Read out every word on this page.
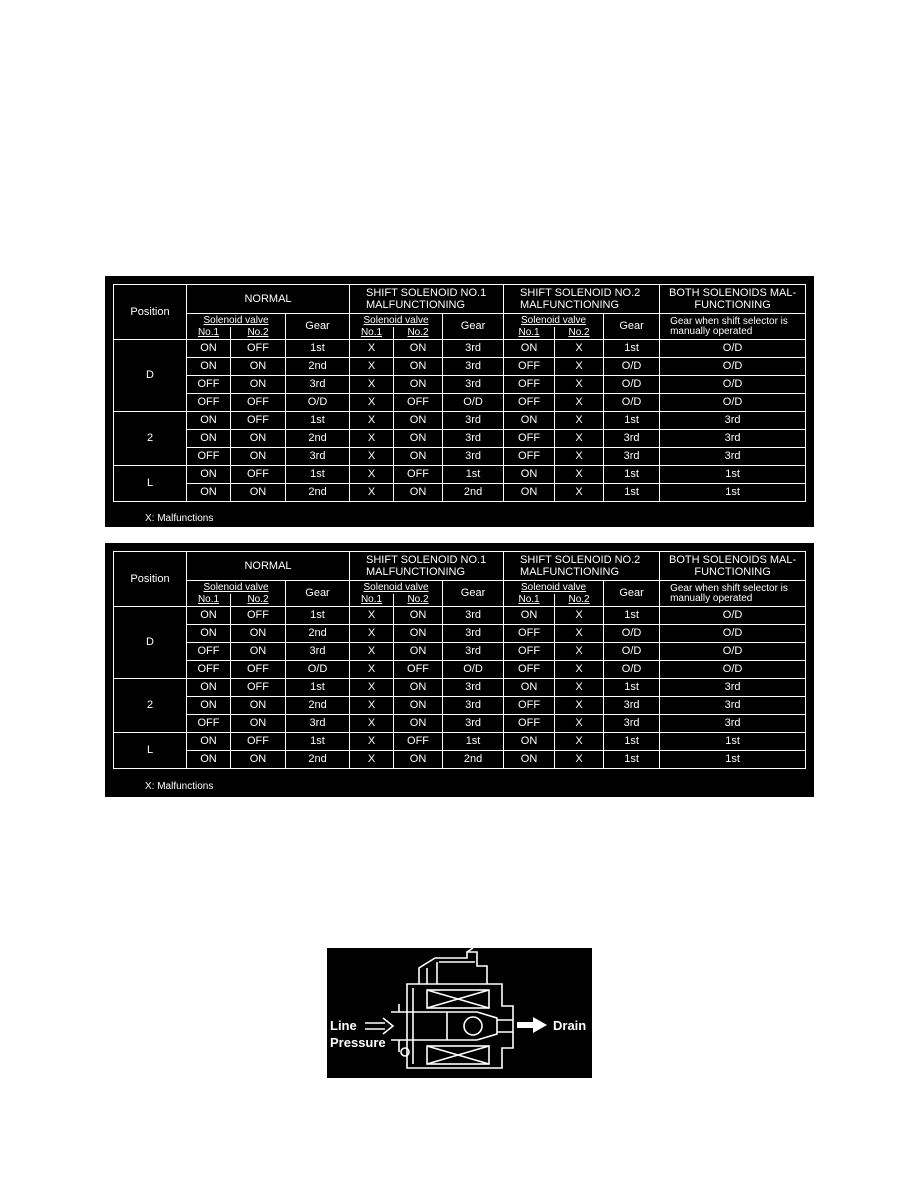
Position	NORMAL			SHIFT SOLENOID NO.1 MALFUNCTIONING			SHIFT SOLENOID NO.2 MALFUNCTIONING			BOTH SOLENOIDS MAL-FUNCTIONING
	Solenoid valve		Gear	Solenoid valve		Gear	Solenoid valve		Gear	Gear when shift selector is manually operated
	No.1	No.2		No.1	No.2		No.1	No.2		
D	ON	OFF	1st	X	ON	3rd	ON	X	1st	O/D
	ON	ON	2nd	X	ON	3rd	OFF	X	O/D	O/D
	OFF	ON	3rd	X	ON	3rd	OFF	X	O/D	O/D
	OFF	OFF	O/D	X	OFF	O/D	OFF	X	O/D	O/D
2	ON	OFF	1st	X	ON	3rd	ON	X	1st	3rd
	ON	ON	2nd	X	ON	3rd	OFF	X	3rd	3rd
	OFF	ON	3rd	X	ON	3rd	OFF	X	3rd	3rd
L	ON	OFF	1st	X	OFF	1st	ON	X	1st	1st
	ON	ON	2nd	X	ON	2nd	ON	X	1st	1st
X: Malfunctions
Position	NORMAL			SHIFT SOLENOID NO.1 MALFUNCTIONING			SHIFT SOLENOID NO.2 MALFUNCTIONING			BOTH SOLENOIDS MAL-FUNCTIONING
	Solenoid valve		Gear	Solenoid valve		Gear	Solenoid valve		Gear	Gear when shift selector is manually operated
	No.1	No.2		No.1	No.2		No.1	No.2		
D	ON	OFF	1st	X	ON	3rd	ON	X	1st	O/D
	ON	ON	2nd	X	ON	3rd	OFF	X	O/D	O/D
	OFF	ON	3rd	X	ON	3rd	OFF	X	O/D	O/D
	OFF	OFF	O/D	X	OFF	O/D	OFF	X	O/D	O/D
2	ON	OFF	1st	X	ON	3rd	ON	X	1st	3rd
	ON	ON	2nd	X	ON	3rd	OFF	X	3rd	3rd
	OFF	ON	3rd	X	ON	3rd	OFF	X	3rd	3rd
L	ON	OFF	1st	X	OFF	1st	ON	X	1st	1st
	ON	ON	2nd	X	ON	2nd	ON	X	1st	1st
X: Malfunctions
Line
Pressure
Drain
